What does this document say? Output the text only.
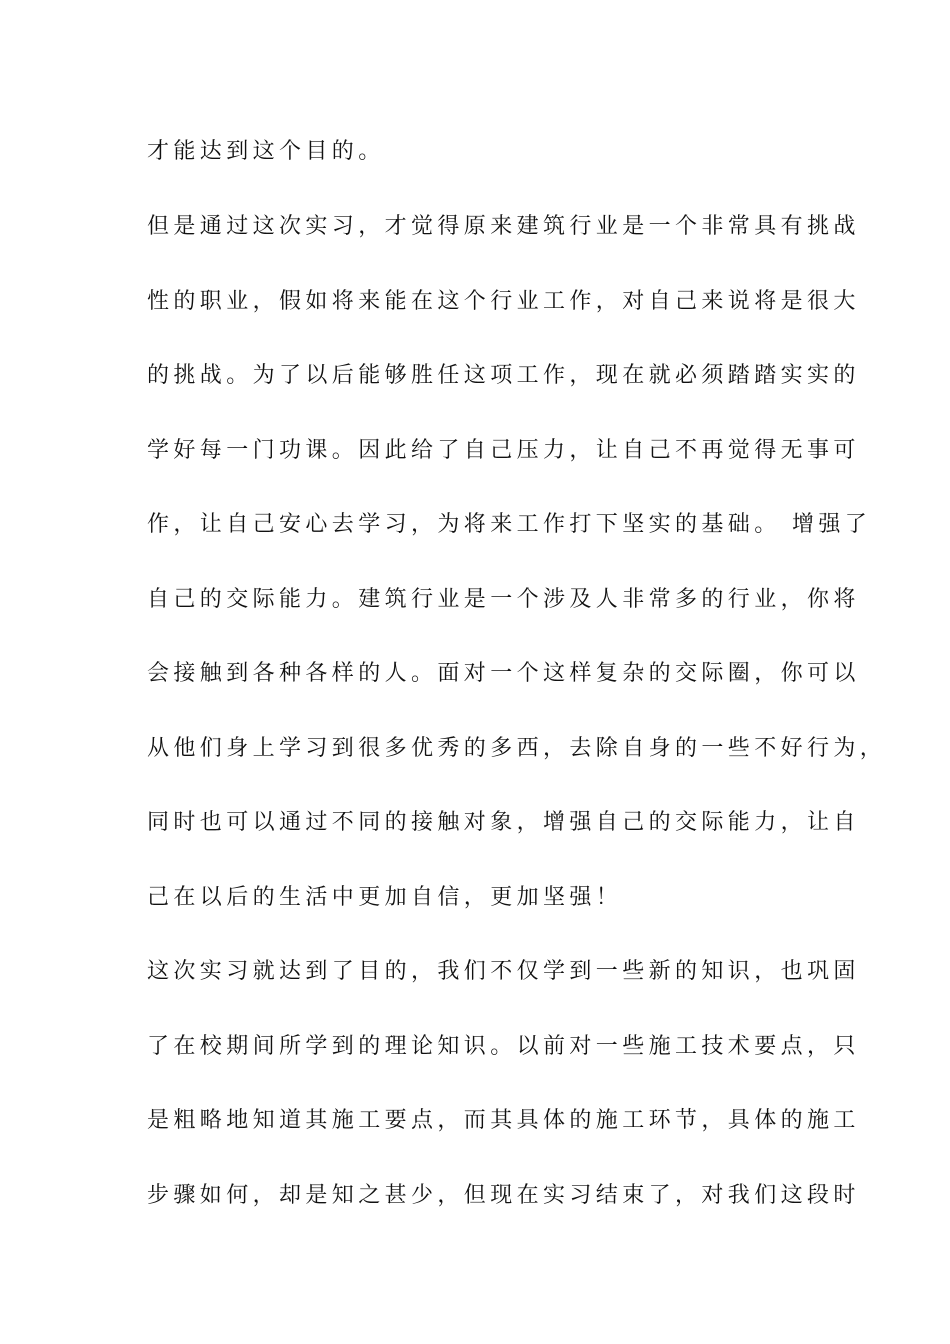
才能达到这个目的。
但是通过这次实习，才觉得原来建筑行业是一个非常具有挑战
性的职业，假如将来能在这个行业工作，对自己来说将是很大
的挑战。为了以后能够胜任这项工作，现在就必须踏踏实实的
学好每一门功课。因此给了自己压力，让自己不再觉得无事可
作，让自己安心去学习，为将来工作打下坚实的基础。 增强了
自己的交际能力。建筑行业是一个涉及人非常多的行业，你将
会接触到各种各样的人。面对一个这样复杂的交际圈，你可以
从他们身上学习到很多优秀的多西，去除自身的一些不好行为，
同时也可以通过不同的接触对象，增强自己的交际能力，让自
己在以后的生活中更加自信，更加坚强！
这次实习就达到了目的，我们不仅学到一些新的知识，也巩固
了在校期间所学到的理论知识。以前对一些施工技术要点，只
是粗略地知道其施工要点，而其具体的施工环节，具体的施工
步骤如何，却是知之甚少，但现在实习结束了，对我们这段时
